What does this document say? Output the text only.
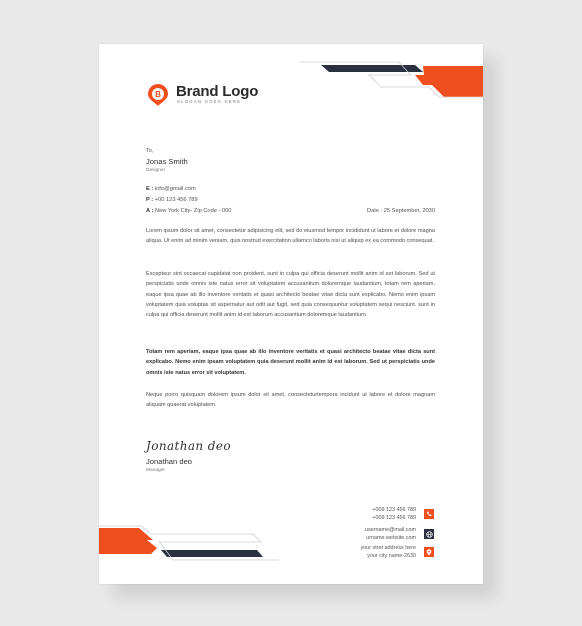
B Brand Logo
SLOGAN GOES HERE
To,
Jonas Smith
Designer
E : info@gmail.com
P : +00 123 456 789
A : New York City- Zip Code - 000	Date : 25 September, 2030
Lorem ipsum dolor sit amet, consectetur adipisicing elit, sed do eiusmod tempor incididunt ut labore et dolore magna aliqua. Ut enim ad minim veniam, quis nostrud exercitation ullamco laboris nisi ut aliquip ex ea commodo consequat.
Excepteur sint occaecat cupidatat non proident, sunt in culpa qui officia deserunt mollit anim id est laborum. Sed ut perspiciatis unde omnis iste natus error sit voluptatem accusantium doloremque laudantium, totam rem aperiam, eaque ipsa quae ab illo inventore veritatis et quasi architecto beatae vitae dicta sunt explicabo. Nemo enim ipsam voluptatem quia voluptas sit aspernatur aut odit aut fugit, sed quia consequuntur voluptatem sequi nesciunt. sunt in culpa qui officia deserunt mollit anim id est laborum accusantium doloremque laudantium.
Totam rem aperiam, eaque ipsa quae ab illo inventore veritatis et quasi architecto beatae vitae dicta sunt explicabo. Nemo enim ipsam voluptatem quia deserunt mollit anim id est laborum. Sed ut perspiciatis unde omnis iste natus error sit voluptatem.
Neque porro quisquam dolorem ipsum dolor sit amet, consecteturtempora incidunt ut labore et dolore magnam aliquam quaerat voluptatem.
Jonathan deo
Jonathan deo
Manager
+009 123 456 789
+009 123 456 789
username@mail.com
urname.website.com
your stret address here
your city name-2630
